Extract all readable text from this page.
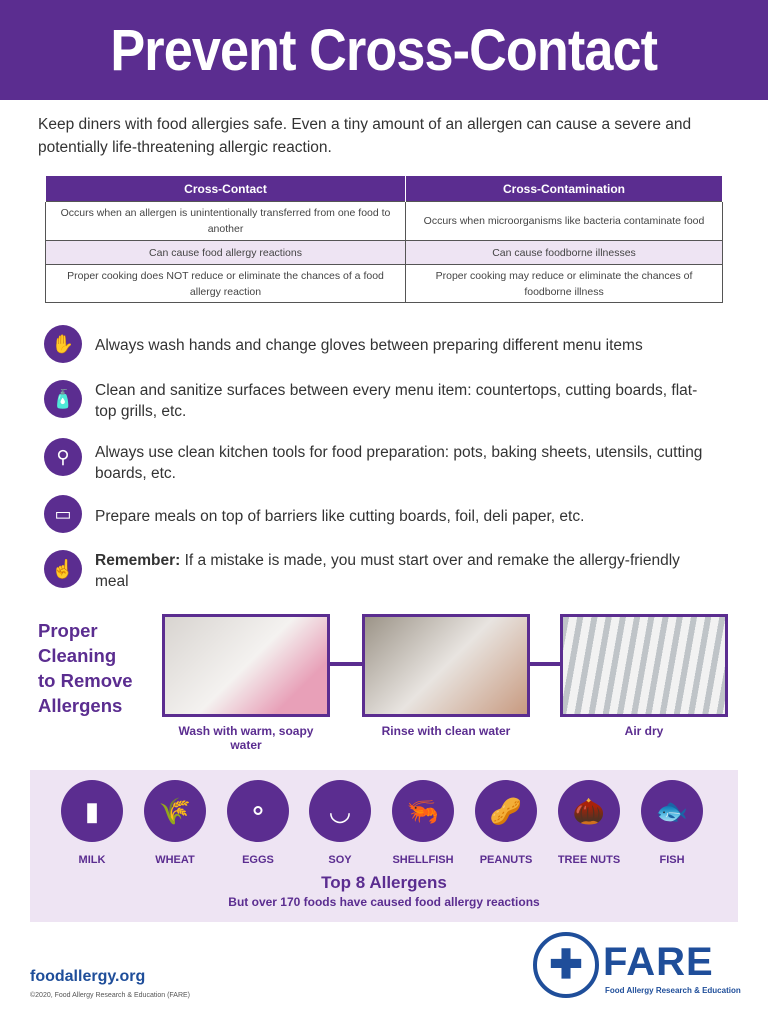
Prevent Cross-Contact

Keep diners with food allergies safe. Even a tiny amount of an allergen can cause a severe and potentially life-threatening allergic reaction.

Cross-Contact	Cross-Contamination
Occurs when an allergen is unintentionally transferred from one food to another	Occurs when microorganisms like bacteria contaminate food
Can cause food allergy reactions	Can cause foodborne illnesses
Proper cooking does NOT reduce or eliminate the chances of a food allergy reaction	Proper cooking may reduce or eliminate the chances of foodborne illness
✋	Always wash hands and change gloves between preparing different menu items
🧴	Clean and sanitize surfaces between every menu item: countertops, cutting boards, flat-top grills, etc.
⚲	Always use clean kitchen tools for food preparation: pots, baking sheets, utensils, cutting boards, etc.
▭	Prepare meals on top of barriers like cutting boards, foil, deli paper, etc.
☝	Remember: If a mistake is made, you must start over and remake the allergy-friendly meal
Proper Cleaning to Remove Allergens
Wash with warm, soapy water
Rinse with clean water	Air dry
▮
MILK
🌾
WHEAT
⚬
EGGS
◡
SOY
🦐
SHELLFISH
🥜
PEANUTS
🌰
TREE NUTS
🐟
FISH
Top 8 Allergens
But over 170 foods have caused food allergy reactions
foodallergy.org
©2020, Food Allergy Research & Education (FARE)
✚ FARE
Food Allergy Research & Education
